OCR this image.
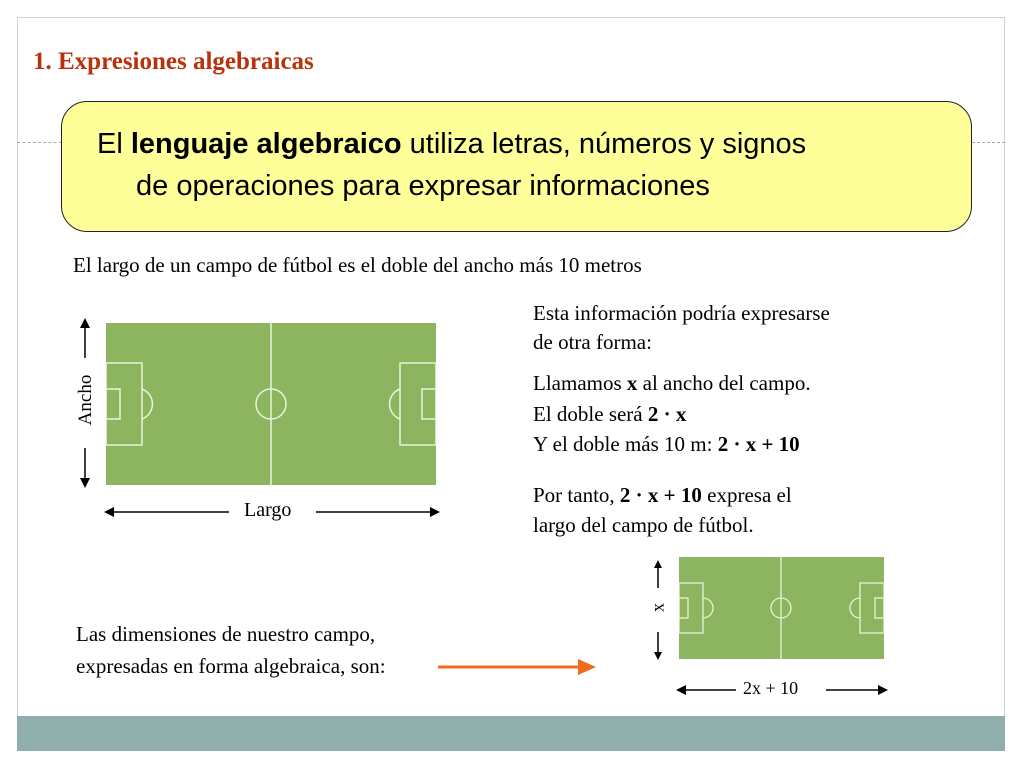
1. Expresiones algebraicas
El lenguaje algebraico utiliza letras, números y signos
de operaciones para expresar informaciones
El largo de un campo de fútbol es el doble del ancho más 10 metros
Ancho
Largo
Esta información podría expresarse
de otra forma:
Llamamos x al ancho del campo.
El doble será 2 · x
Y el doble más 10 m: 2 · x + 10
Por tanto, 2 · x + 10 expresa el
largo del campo de fútbol.
x
2x + 10
Las dimensiones de nuestro campo,
expresadas en forma algebraica, son:
